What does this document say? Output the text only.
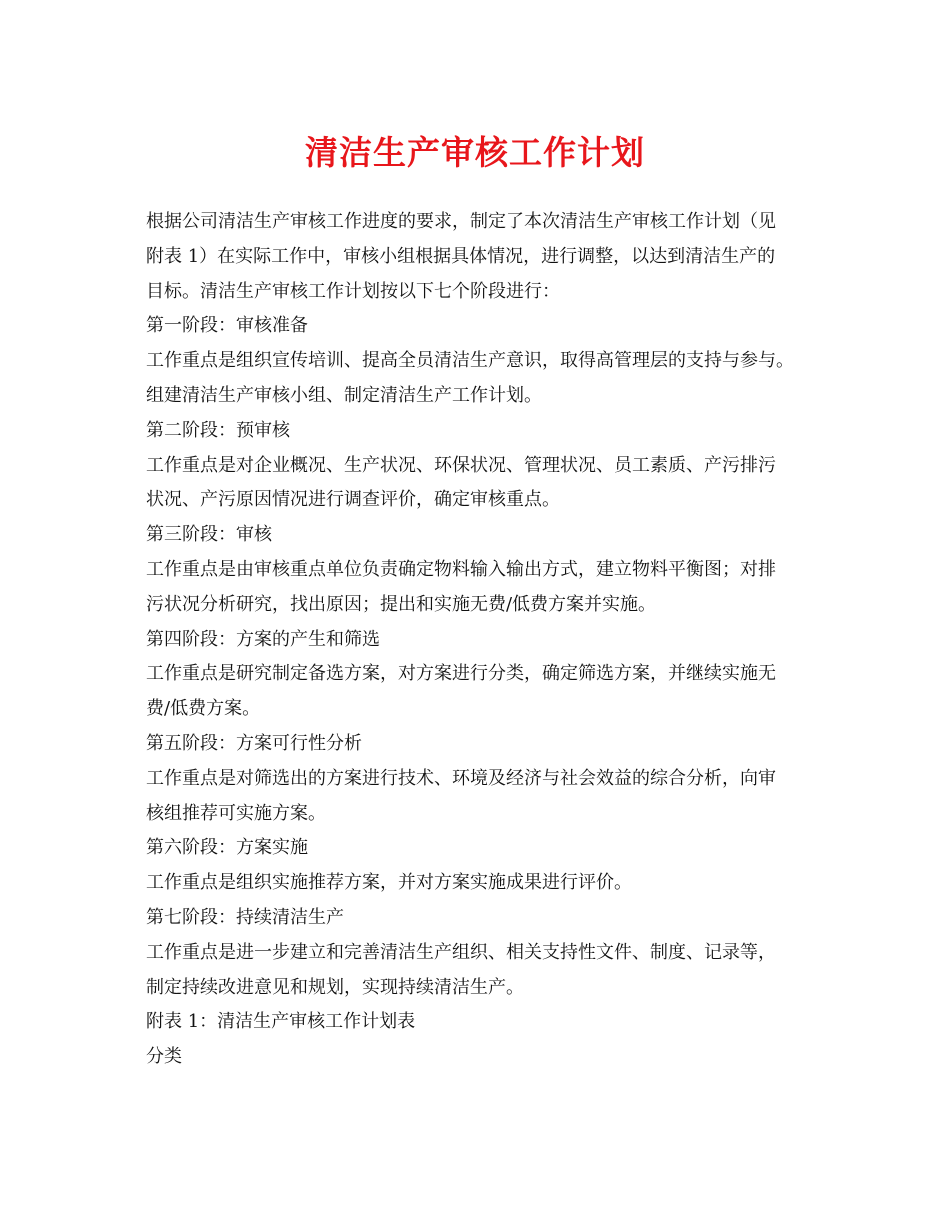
清洁生产审核工作计划
根据公司清洁生产审核工作进度的要求，制定了本次清洁生产审核工作计划（见
附表 1）在实际工作中，审核小组根据具体情况，进行调整，以达到清洁生产的
目标。清洁生产审核工作计划按以下七个阶段进行：
第一阶段：审核准备
工作重点是组织宣传培训、提高全员清洁生产意识，取得高管理层的支持与参与。
组建清洁生产审核小组、制定清洁生产工作计划。
第二阶段：预审核
工作重点是对企业概况、生产状况、环保状况、管理状况、员工素质、产污排污
状况、产污原因情况进行调查评价，确定审核重点。
第三阶段：审核
工作重点是由审核重点单位负责确定物料输入输出方式，建立物料平衡图；对排
污状况分析研究，找出原因；提出和实施无费/低费方案并实施。
第四阶段：方案的产生和筛选
工作重点是研究制定备选方案，对方案进行分类，确定筛选方案，并继续实施无
费/低费方案。
第五阶段：方案可行性分析
工作重点是对筛选出的方案进行技术、环境及经济与社会效益的综合分析，向审
核组推荐可实施方案。
第六阶段：方案实施
工作重点是组织实施推荐方案，并对方案实施成果进行评价。
第七阶段：持续清洁生产
工作重点是进一步建立和完善清洁生产组织、相关支持性文件、制度、记录等，
制定持续改进意见和规划，实现持续清洁生产。
附表 1：清洁生产审核工作计划表
分类
